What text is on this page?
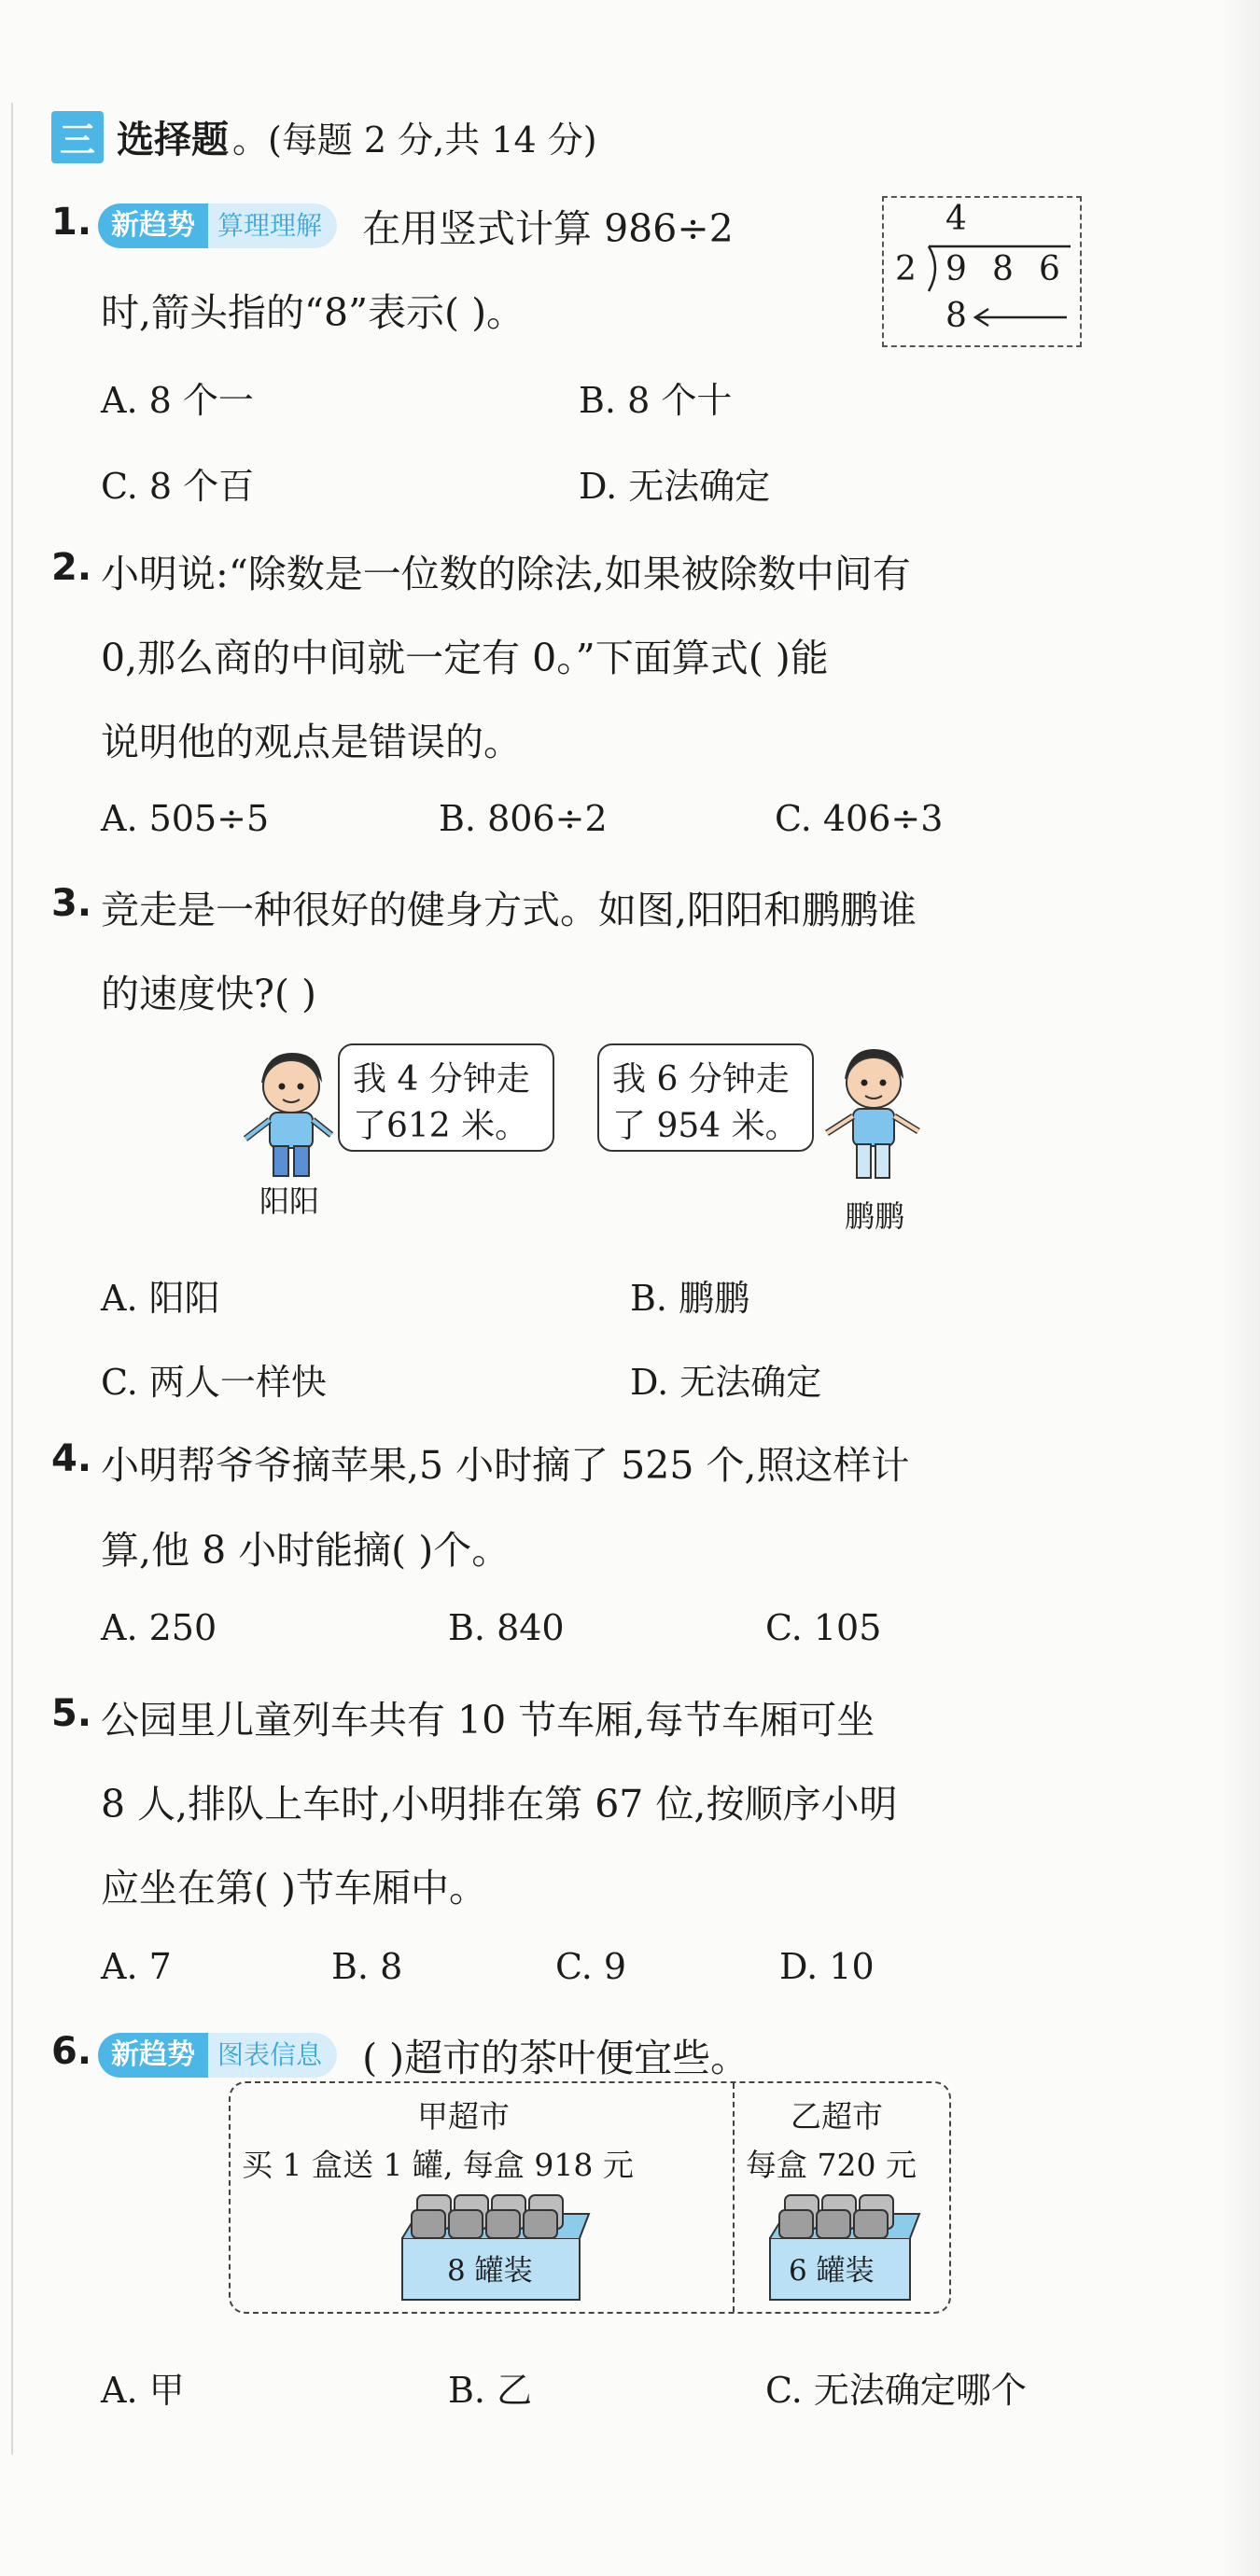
三 选择题 。(每题 2 分,共 14 分)
1. 新趋势 算理理解	在用竖式计算 986÷2
时,箭头指的“8”表示( )。
4
2 9 8 6
8
A. 8 个一	B. 8 个十
C. 8 个百	D. 无法确定
2. 小明说:“除数是一位数的除法,如果被除数中间有
0,那么商的中间就一定有 0。”下面算式( )能
说明他的观点是错误的。
A. 505÷5	B. 806÷2	C. 406÷3
3. 竞走是一种很好的健身方式。如图,阳阳和鹏鹏谁
的速度快?( )
阳阳
我 4 分钟走
了612 米。
我 6 分钟走
了 954 米。
鹏鹏
A. 阳阳	B. 鹏鹏
C. 两人一样快	D. 无法确定
4. 小明帮爷爷摘苹果,5 小时摘了 525 个,照这样计
算,他 8 小时能摘( )个。
A. 250	B. 840	C. 105
5. 公园里儿童列车共有 10 节车厢,每节车厢可坐
8 人,排队上车时,小明排在第 67 位,按顺序小明
应坐在第( )节车厢中。
A. 7	B. 8	C. 9	D. 10
6. 新趋势 图表信息	( )超市的茶叶便宜些。
甲超市
买 1 盒送 1 罐, 每盒 918 元
8 罐装
乙超市
每盒 720 元
6 罐装
A. 甲	B. 乙	C. 无法确定哪个
